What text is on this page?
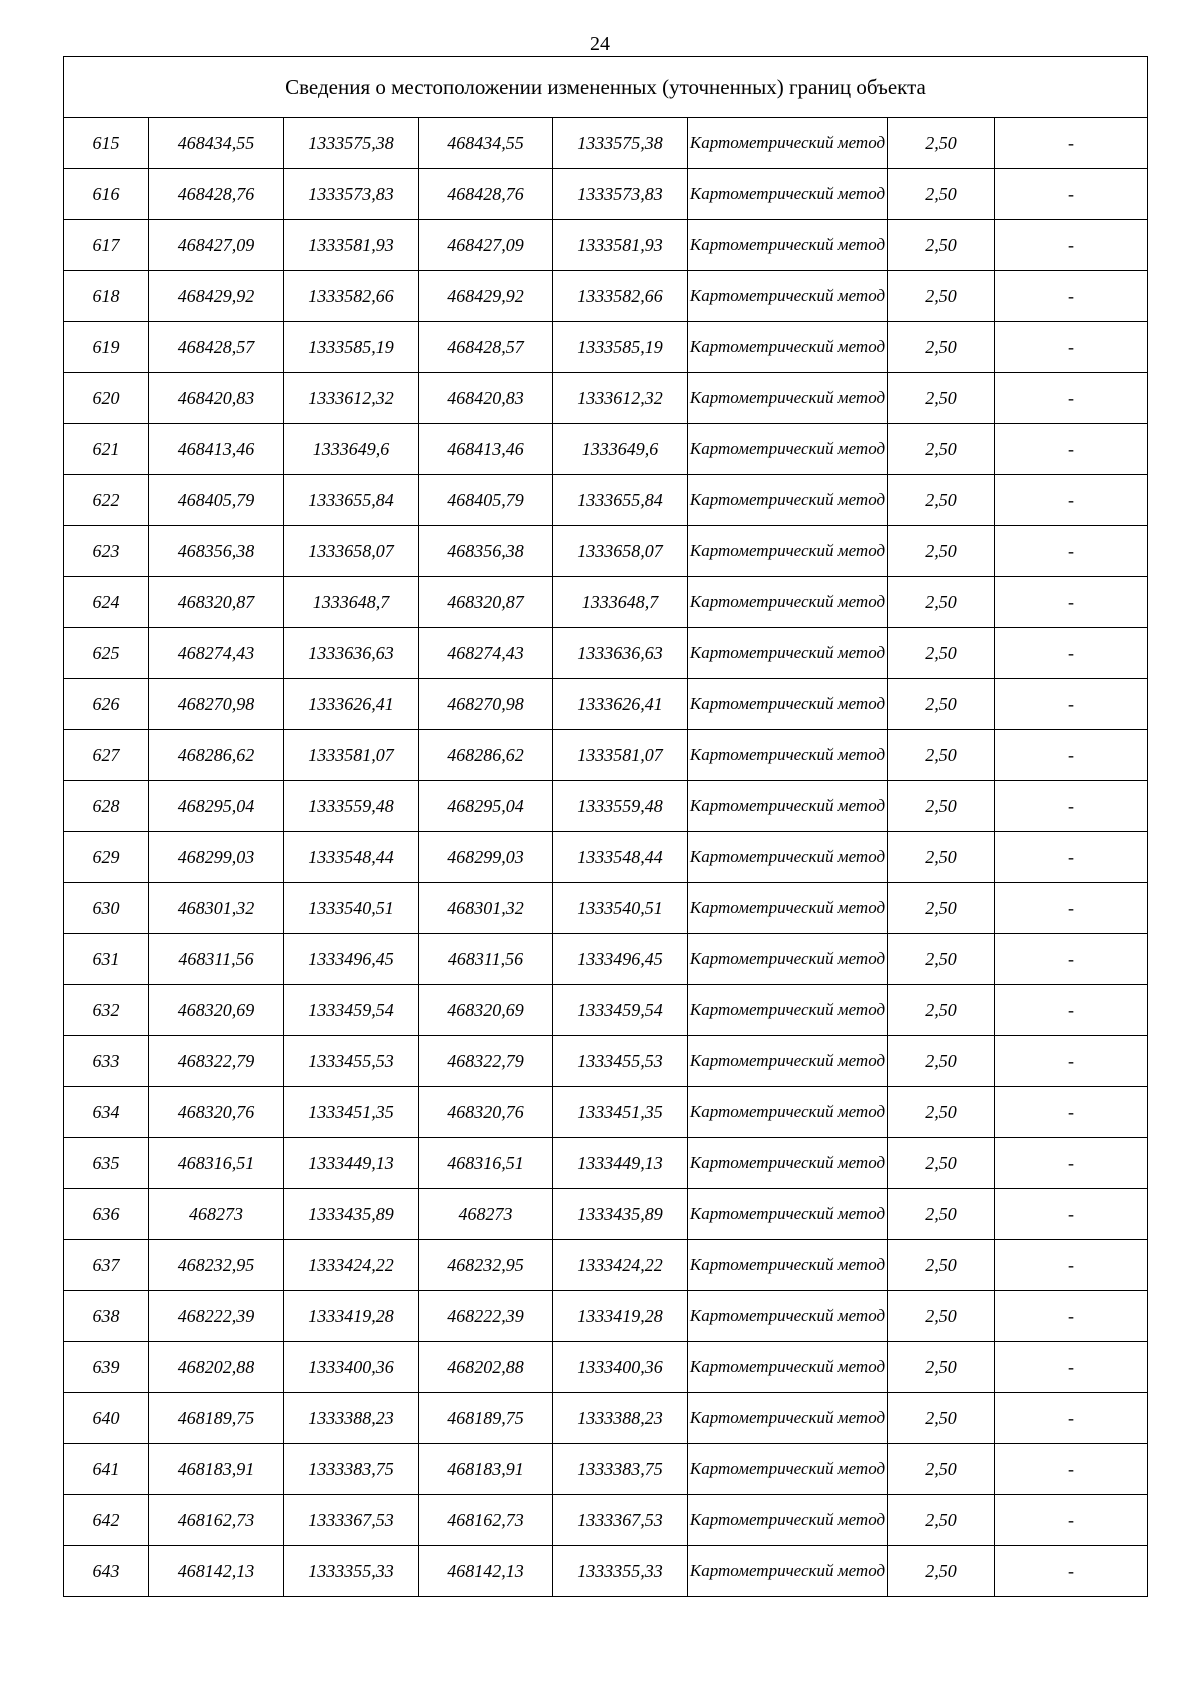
24
Сведения о местоположении измененных (уточненных) границ объекта							
615	468434,55	1333575,38	468434,55	1333575,38	Картометрический метод	2,50	-
616	468428,76	1333573,83	468428,76	1333573,83	Картометрический метод	2,50	-
617	468427,09	1333581,93	468427,09	1333581,93	Картометрический метод	2,50	-
618	468429,92	1333582,66	468429,92	1333582,66	Картометрический метод	2,50	-
619	468428,57	1333585,19	468428,57	1333585,19	Картометрический метод	2,50	-
620	468420,83	1333612,32	468420,83	1333612,32	Картометрический метод	2,50	-
621	468413,46	1333649,6	468413,46	1333649,6	Картометрический метод	2,50	-
622	468405,79	1333655,84	468405,79	1333655,84	Картометрический метод	2,50	-
623	468356,38	1333658,07	468356,38	1333658,07	Картометрический метод	2,50	-
624	468320,87	1333648,7	468320,87	1333648,7	Картометрический метод	2,50	-
625	468274,43	1333636,63	468274,43	1333636,63	Картометрический метод	2,50	-
626	468270,98	1333626,41	468270,98	1333626,41	Картометрический метод	2,50	-
627	468286,62	1333581,07	468286,62	1333581,07	Картометрический метод	2,50	-
628	468295,04	1333559,48	468295,04	1333559,48	Картометрический метод	2,50	-
629	468299,03	1333548,44	468299,03	1333548,44	Картометрический метод	2,50	-
630	468301,32	1333540,51	468301,32	1333540,51	Картометрический метод	2,50	-
631	468311,56	1333496,45	468311,56	1333496,45	Картометрический метод	2,50	-
632	468320,69	1333459,54	468320,69	1333459,54	Картометрический метод	2,50	-
633	468322,79	1333455,53	468322,79	1333455,53	Картометрический метод	2,50	-
634	468320,76	1333451,35	468320,76	1333451,35	Картометрический метод	2,50	-
635	468316,51	1333449,13	468316,51	1333449,13	Картометрический метод	2,50	-
636	468273	1333435,89	468273	1333435,89	Картометрический метод	2,50	-
637	468232,95	1333424,22	468232,95	1333424,22	Картометрический метод	2,50	-
638	468222,39	1333419,28	468222,39	1333419,28	Картометрический метод	2,50	-
639	468202,88	1333400,36	468202,88	1333400,36	Картометрический метод	2,50	-
640	468189,75	1333388,23	468189,75	1333388,23	Картометрический метод	2,50	-
641	468183,91	1333383,75	468183,91	1333383,75	Картометрический метод	2,50	-
642	468162,73	1333367,53	468162,73	1333367,53	Картометрический метод	2,50	-
643	468142,13	1333355,33	468142,13	1333355,33	Картометрический метод	2,50	-
